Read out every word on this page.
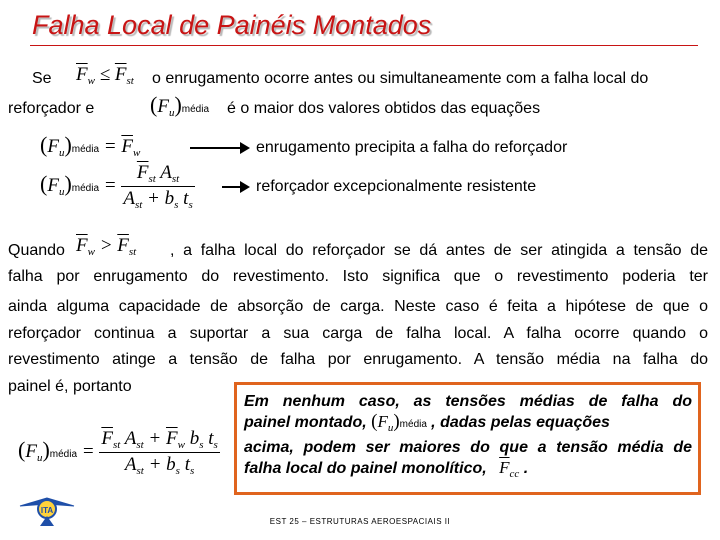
Falha Local de Painéis Montados
Se $\overline{F}_w \le \overline{F}_{st}$ o enrugamento ocorre antes ou simultaneamente com a falha local do
reforçador e	$(F_u)média$ é o maior dos valores obtidos das equações
$(F_u)média = \overline{F}_w$	enrugamento precipita a falha do reforçador
$(F_u)média = \frac{\overline{F}_{st} A_{st}}{A_{st} + b_s t_s}$	reforçador excepcionalmente resistente
Quando $\overline{F}_w > \overline{F}_{st}$ , a falha local do reforçador se dá antes de ser atingida a tensão de
falha por enrugamento do revestimento. Isto significa que o revestimento poderia ter
ainda alguma capacidade de absorção de carga. Neste caso é feita a hipótese de que o
reforçador continua a suportar a sua carga de falha local. A falha ocorre quando o
revestimento atinge a tensão de falha por enrugamento. A tensão média na falha do
painel é, portanto
$(F_u)média = \frac{\overline{F}_{st} A_{st} + \overline{F}_w b_s t_s}{A_{st} + b_s t_s}$
Em nenhum caso, as tensões médias de falha do
painel montado, $(F_u)média$ , dadas pelas equações
acima, podem ser maiores do que a tensão média de
falha local do painel monolítico, $\overline{F}_{cc}$ .
ITA
EST 25 – ESTRUTURAS AEROESPACIAIS II
